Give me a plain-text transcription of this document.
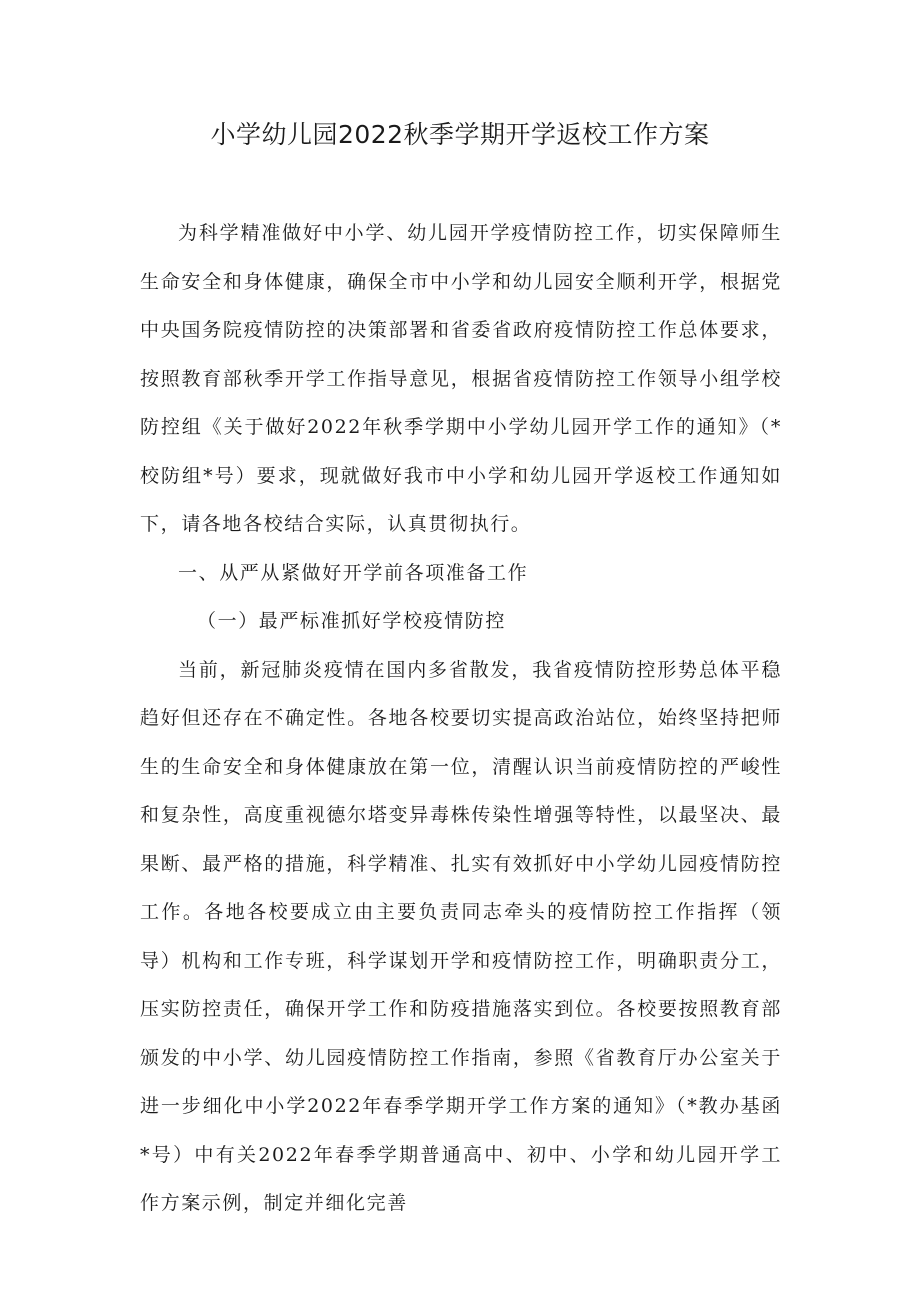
小学幼儿园2022秋季学期开学返校工作方案

为科学精准做好中小学、幼儿园开学疫情防控工作，切实保障师生生命安全和身体健康，确保全市中小学和幼儿园安全顺利开学，根据党中央国务院疫情防控的决策部署和省委省政府疫情防控工作总体要求，按照教育部秋季开学工作指导意见，根据省疫情防控工作领导小组学校防控组《关于做好2022年秋季学期中小学幼儿园开学工作的通知》（*校防组*号）要求，现就做好我市中小学和幼儿园开学返校工作通知如下，请各地各校结合实际，认真贯彻执行。

一、从严从紧做好开学前各项准备工作

（一）最严标准抓好学校疫情防控

当前，新冠肺炎疫情在国内多省散发，我省疫情防控形势总体平稳趋好但还存在不确定性。各地各校要切实提高政治站位，始终坚持把师生的生命安全和身体健康放在第一位，清醒认识当前疫情防控的严峻性和复杂性，高度重视德尔塔变异毒株传染性增强等特性，以最坚决、最果断、最严格的措施，科学精准、扎实有效抓好中小学幼儿园疫情防控工作。各地各校要成立由主要负责同志牵头的疫情防控工作指挥（领导）机构和工作专班，科学谋划开学和疫情防控工作，明确职责分工，压实防控责任，确保开学工作和防疫措施落实到位。各校要按照教育部颁发的中小学、幼儿园疫情防控工作指南，参照《省教育厅办公室关于进一步细化中小学2022年春季学期开学工作方案的通知》（*教办基函*号）中有关2022年春季学期普通高中、初中、小学和幼儿园开学工作方案示例，制定并细化完善
